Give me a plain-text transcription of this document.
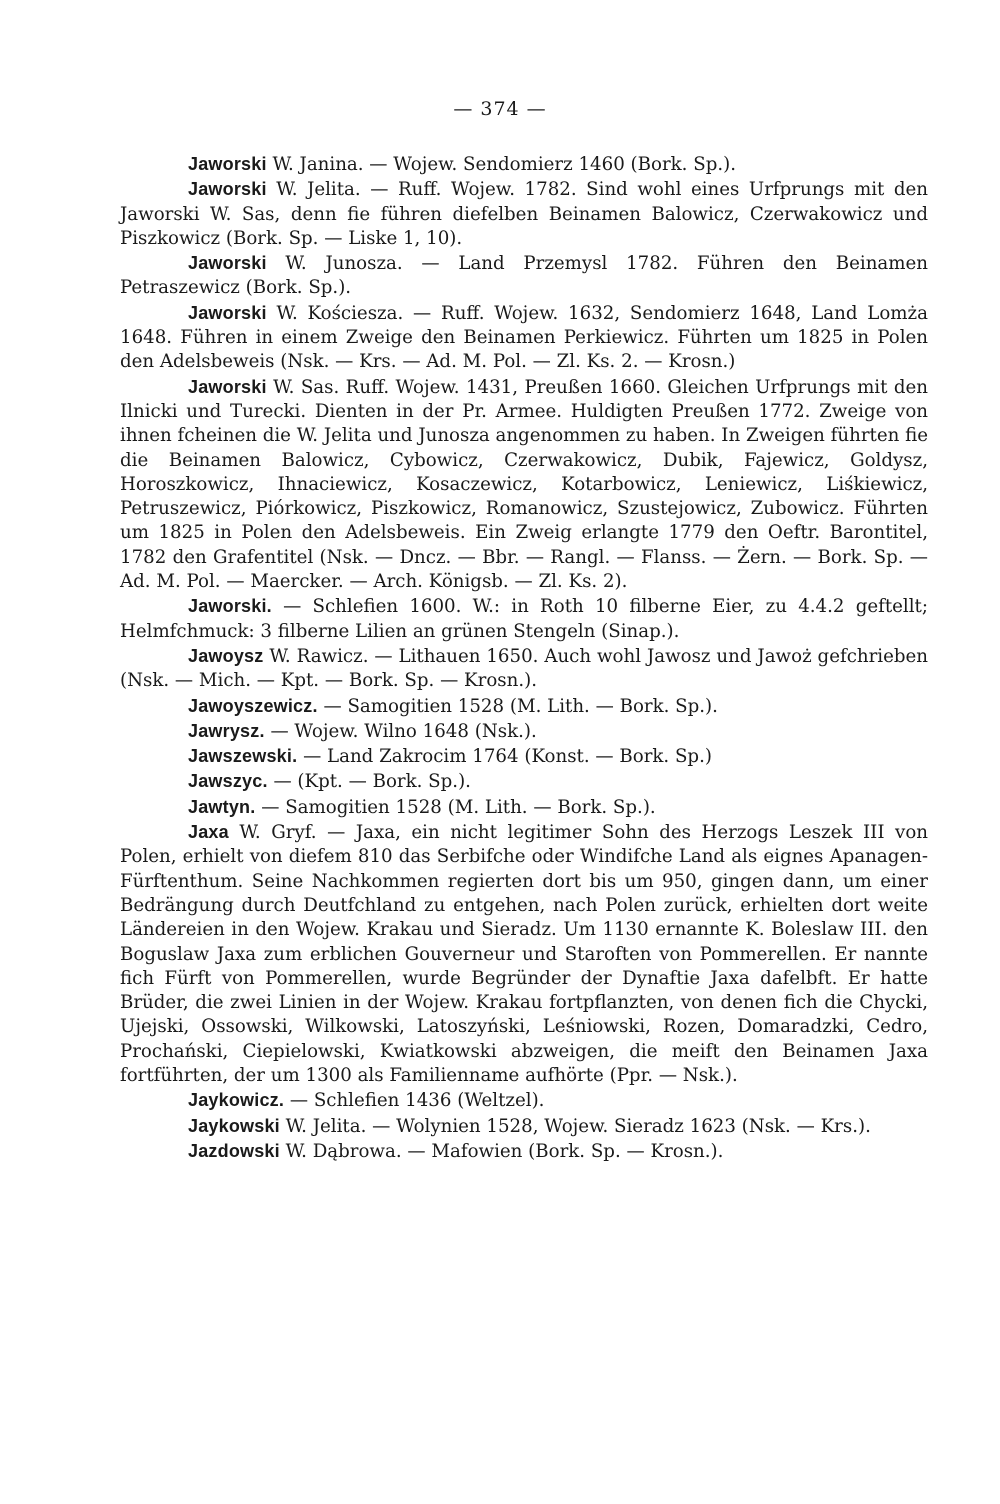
— 374 —

Jaworski W. Janina. — Wojew. Sendomierz 1460 (Bork. Sp.).

Jaworski W. Jelita. — Ruff. Wojew. 1782. Sind wohl eines Urfprungs mit den Jaworski W. Sas, denn fie führen diefelben Beinamen Balowicz, Czerwakowicz und Piszkowicz (Bork. Sp. — Liske 1, 10).

Jaworski W. Junosza. — Land Przemysl 1782. Führen den Beinamen Petraszewicz (Bork. Sp.).

Jaworski W. Kościesza. — Ruff. Wojew. 1632, Sendomierz 1648, Land Lomża 1648. Führen in einem Zweige den Beinamen Perkiewicz. Führten um 1825 in Polen den Adelsbeweis (Nsk. — Krs. — Ad. M. Pol. — Zl. Ks. 2. — Krosn.)

Jaworski W. Sas. Ruff. Wojew. 1431, Preußen 1660. Gleichen Urfprungs mit den Ilnicki und Turecki. Dienten in der Pr. Armee. Huldigten Preußen 1772. Zweige von ihnen fcheinen die W. Jelita und Junosza angenommen zu haben. In Zweigen führten fie die Beinamen Balowicz, Cybowicz, Czerwakowicz, Dubik, Fajewicz, Goldysz, Horoszkowicz, Ihnaciewicz, Kosaczewicz, Kotarbowicz, Leniewicz, Liśkiewicz, Petruszewicz, Piórkowicz, Piszkowicz, Romanowicz, Szustejowicz, Zubowicz. Führten um 1825 in Polen den Adelsbeweis. Ein Zweig erlangte 1779 den Oeftr. Barontitel, 1782 den Grafentitel (Nsk. — Dncz. — Bbr. — Rangl. — Flanss. — Żern. — Bork. Sp. — Ad. M. Pol. — Maercker. — Arch. Königsb. — Zl. Ks. 2).

Jaworski. — Schlefien 1600. W.: in Roth 10 filberne Eier, zu 4.4.2 geftellt; Helmfchmuck: 3 filberne Lilien an grünen Stengeln (Sinap.).

Jawoysz W. Rawicz. — Lithauen 1650. Auch wohl Jawosz und Jawoż gefchrieben (Nsk. — Mich. — Kpt. — Bork. Sp. — Krosn.).

Jawoyszewicz. — Samogitien 1528 (M. Lith. — Bork. Sp.).

Jawrysz. — Wojew. Wilno 1648 (Nsk.).

Jawszewski. — Land Zakrocim 1764 (Konst. — Bork. Sp.)

Jawszyc. — (Kpt. — Bork. Sp.).

Jawtyn. — Samogitien 1528 (M. Lith. — Bork. Sp.).

Jaxa W. Gryf. — Jaxa, ein nicht legitimer Sohn des Herzogs Leszek III von Polen, erhielt von diefem 810 das Serbifche oder Windifche Land als eignes Apanagen-Fürftenthum. Seine Nachkommen regierten dort bis um 950, gingen dann, um einer Bedrängung durch Deutfchland zu entgehen, nach Polen zurück, erhielten dort weite Ländereien in den Wojew. Krakau und Sieradz. Um 1130 ernannte K. Boleslaw III. den Boguslaw Jaxa zum erblichen Gouverneur und Staroften von Pommerellen. Er nannte fich Fürft von Pommerellen, wurde Begründer der Dynaftie Jaxa dafelbft. Er hatte Brüder, die zwei Linien in der Wojew. Krakau fortpflanzten, von denen fich die Chycki, Ujejski, Ossowski, Wilkowski, Latoszyński, Leśniowski, Rozen, Domaradzki, Cedro, Prochański, Ciepielowski, Kwiatkowski abzweigen, die meift den Beinamen Jaxa fortführten, der um 1300 als Familienname aufhörte (Ppr. — Nsk.).

Jaykowicz. — Schlefien 1436 (Weltzel).

Jaykowski W. Jelita. — Wolynien 1528, Wojew. Sieradz 1623 (Nsk. — Krs.).

Jazdowski W. Dąbrowa. — Mafowien (Bork. Sp. — Krosn.).
